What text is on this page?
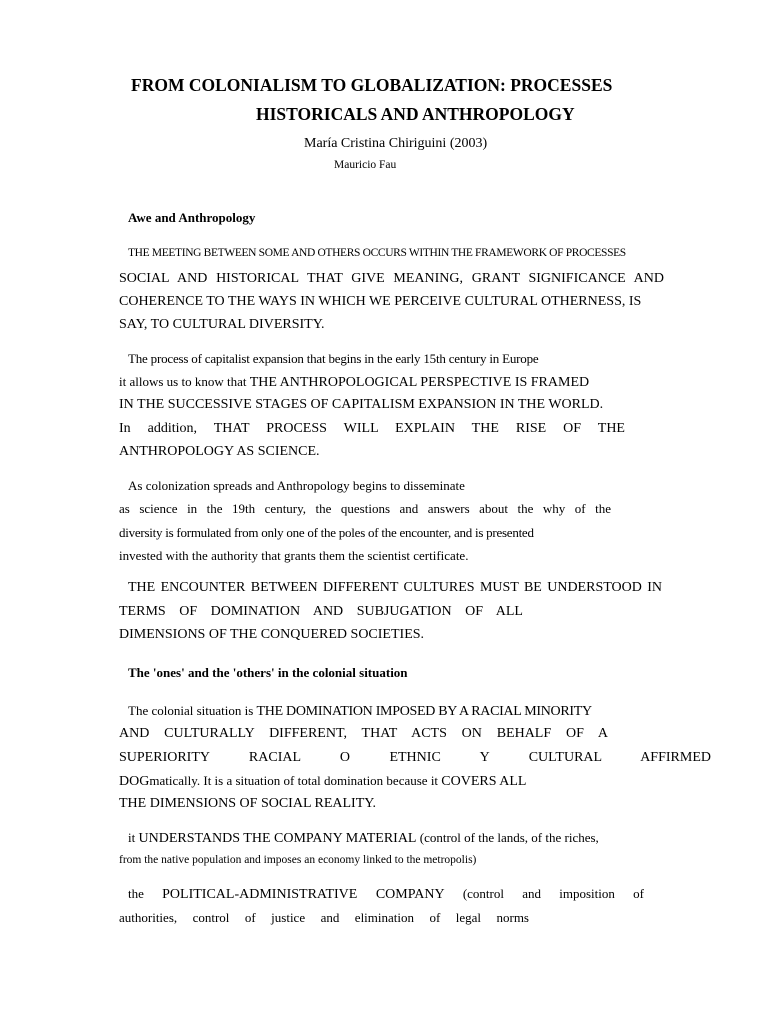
FROM COLONIALISM TO GLOBALIZATION: PROCESSES
HISTORICALS AND ANTHROPOLOGY
María Cristina Chiriguini (2003)
Mauricio Fau
Awe and Anthropology
THE MEETING BETWEEN SOME AND OTHERS OCCURS WITHIN THE FRAMEWORK OF PROCESSES
SOCIAL AND HISTORICAL THAT GIVE MEANING, GRANT SIGNIFICANCE AND
COHERENCE TO THE WAYS IN WHICH WE PERCEIVE CULTURAL OTHERNESS, IS
SAY, TO CULTURAL DIVERSITY.
The process of capitalist expansion that begins in the early 15th century in Europe
it allows us to know that THE ANTHROPOLOGICAL PERSPECTIVE IS FRAMED
IN THE SUCCESSIVE STAGES OF CAPITALISM EXPANSION IN THE WORLD.
In addition, THAT PROCESS WILL EXPLAIN THE RISE OF THE
ANTHROPOLOGY AS SCIENCE.
As colonization spreads and Anthropology begins to disseminate
as science in the 19th century, the questions and answers about the why of the
diversity is formulated from only one of the poles of the encounter, and is presented
invested with the authority that grants them the scientist certificate.
THE ENCOUNTER BETWEEN DIFFERENT CULTURES MUST BE UNDERSTOOD IN
TERMS OF DOMINATION AND SUBJUGATION OF ALL
DIMENSIONS OF THE CONQUERED SOCIETIES.
The 'ones' and the 'others' in the colonial situation
The colonial situation is THE DOMINATION IMPOSED BY A RACIAL MINORITY
AND CULTURALLY DIFFERENT, THAT ACTS ON BEHALF OF A
SUPERIORITY RACIAL O ETHNIC Y CULTURAL AFFIRMED
DOGmatically. It is a situation of total domination because it COVERS ALL
THE DIMENSIONS OF SOCIAL REALITY.
it UNDERSTANDS THE COMPANY MATERIAL (control of the lands, of the riches,
from the native population and imposes an economy linked to the metropolis)
the POLITICAL-ADMINISTRATIVE COMPANY (control and imposition of
authorities, control of justice and elimination of legal norms
